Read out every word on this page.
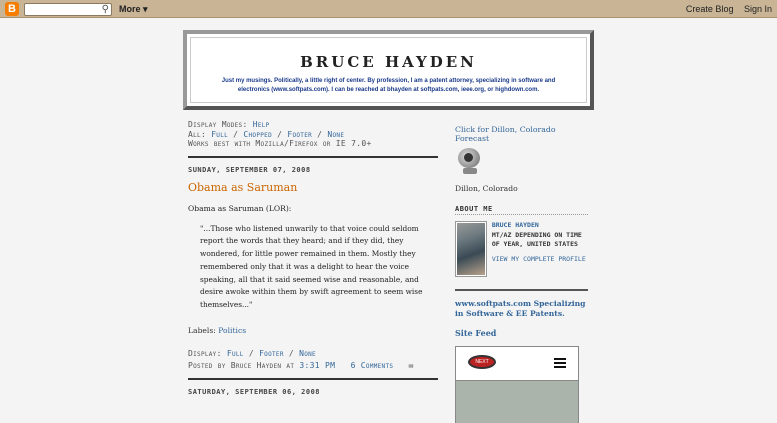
B	⚲ More ▾	Create Blog Sign In
BRUCE HAYDEN
Just my musings. Politically, a little right of center. By profession, I am a patent attorney, specializing in software and electronics (www.softpats.com). I can be reached at bhayden at softpats.com, ieee.org, or highdown.com.
Display Modes: Help
All: Full / Chopped / Footer / None
Works best with Mozilla/Firefox or IE 7.0+
SUNDAY, SEPTEMBER 07, 2008
Obama as Saruman
Obama as Saruman (LOR):
"...Those who listened unwarily to that voice could seldom report the words that they heard; and if they did, they wondered, for little power remained in them. Mostly they remembered only that it was a delight to hear the voice speaking, all that it said seemed wise and reasonable, and desire awoke within them by swift agreement to seem wise themselves..."
Labels: Politics
Display: Full / Footer / None
Posted by Bruce Hayden at 3:31 PM 6 Comments ✉
SATURDAY, SEPTEMBER 06, 2008
Click for Dillon, Colorado Forecast
Dillon, Colorado
ABOUT ME
BRUCE HAYDEN
MT/AZ DEPENDING ON TIME OF YEAR, UNITED STATES
VIEW MY COMPLETE PROFILE
www.softpats.com Specializing in Software & EE Patents.
Site Feed
NEXT DAY
